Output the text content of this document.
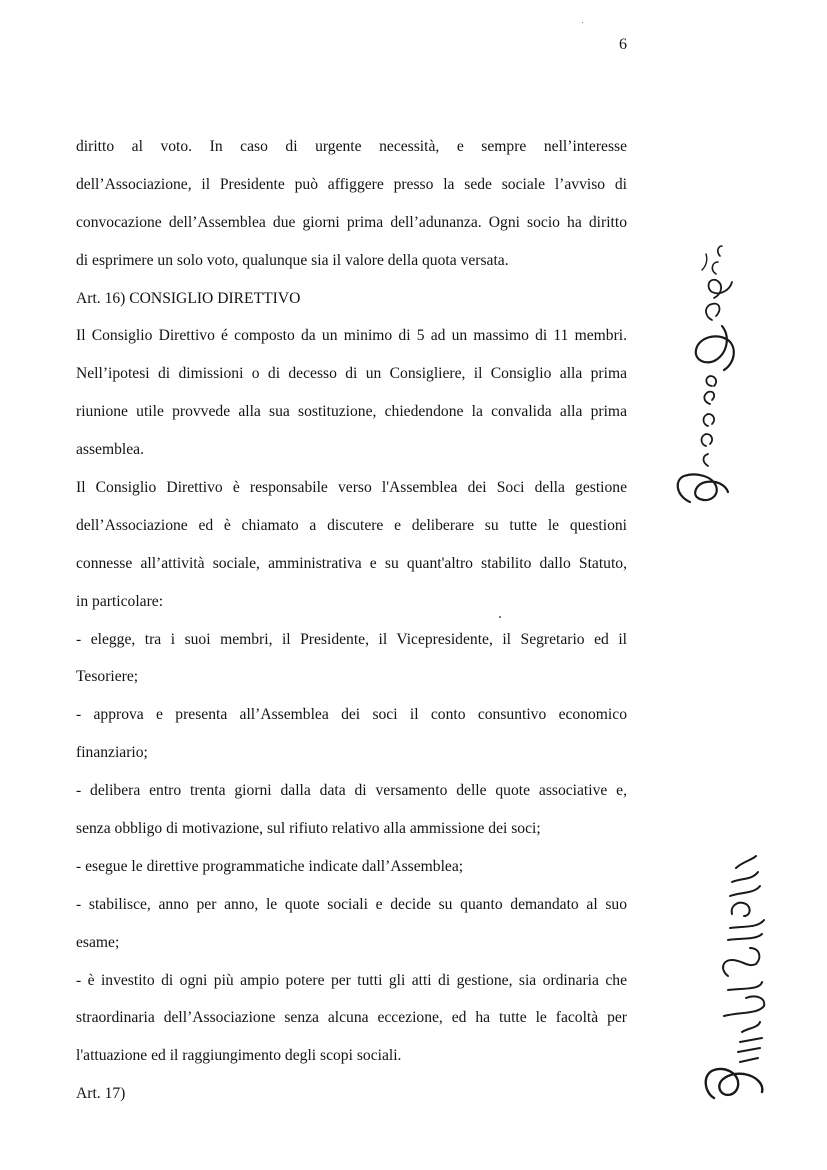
6
diritto al voto. In caso di urgente necessità, e sempre nell’interesse
dell’Associazione, il Presidente può affiggere presso la sede sociale l’avviso di
convocazione dell’Assemblea due giorni prima dell’adunanza. Ogni socio ha diritto
di esprimere un solo voto, qualunque sia il valore della quota versata.
Art. 16) CONSIGLIO DIRETTIVO
Il Consiglio Direttivo é composto da un minimo di 5 ad un massimo di 11 membri.
Nell’ipotesi di dimissioni o di decesso di un Consigliere, il Consiglio alla prima
riunione utile provvede alla sua sostituzione, chiedendone la convalida alla prima
assemblea.
Il Consiglio Direttivo è responsabile verso l'Assemblea dei Soci della gestione
dell’Associazione ed è chiamato a discutere e deliberare su tutte le questioni
connesse all’attività sociale, amministrativa e su quant'altro stabilito dallo Statuto,
in particolare:
- elegge, tra i suoi membri, il Presidente, il Vicepresidente, il Segretario ed il
Tesoriere;
- approva e presenta all’Assemblea dei soci il conto consuntivo economico
finanziario;
- delibera entro trenta giorni dalla data di versamento delle quote associative e,
senza obbligo di motivazione, sul rifiuto relativo alla ammissione dei soci;
- esegue le direttive programmatiche indicate dall’Assemblea;
- stabilisce, anno per anno, le quote sociali e decide su quanto demandato al suo
esame;
- è investito di ogni più ampio potere per tutti gli atti di gestione, sia ordinaria che
straordinaria dell’Associazione senza alcuna eccezione, ed ha tutte le facoltà per
l'attuazione ed il raggiungimento degli scopi sociali.
Art. 17)
